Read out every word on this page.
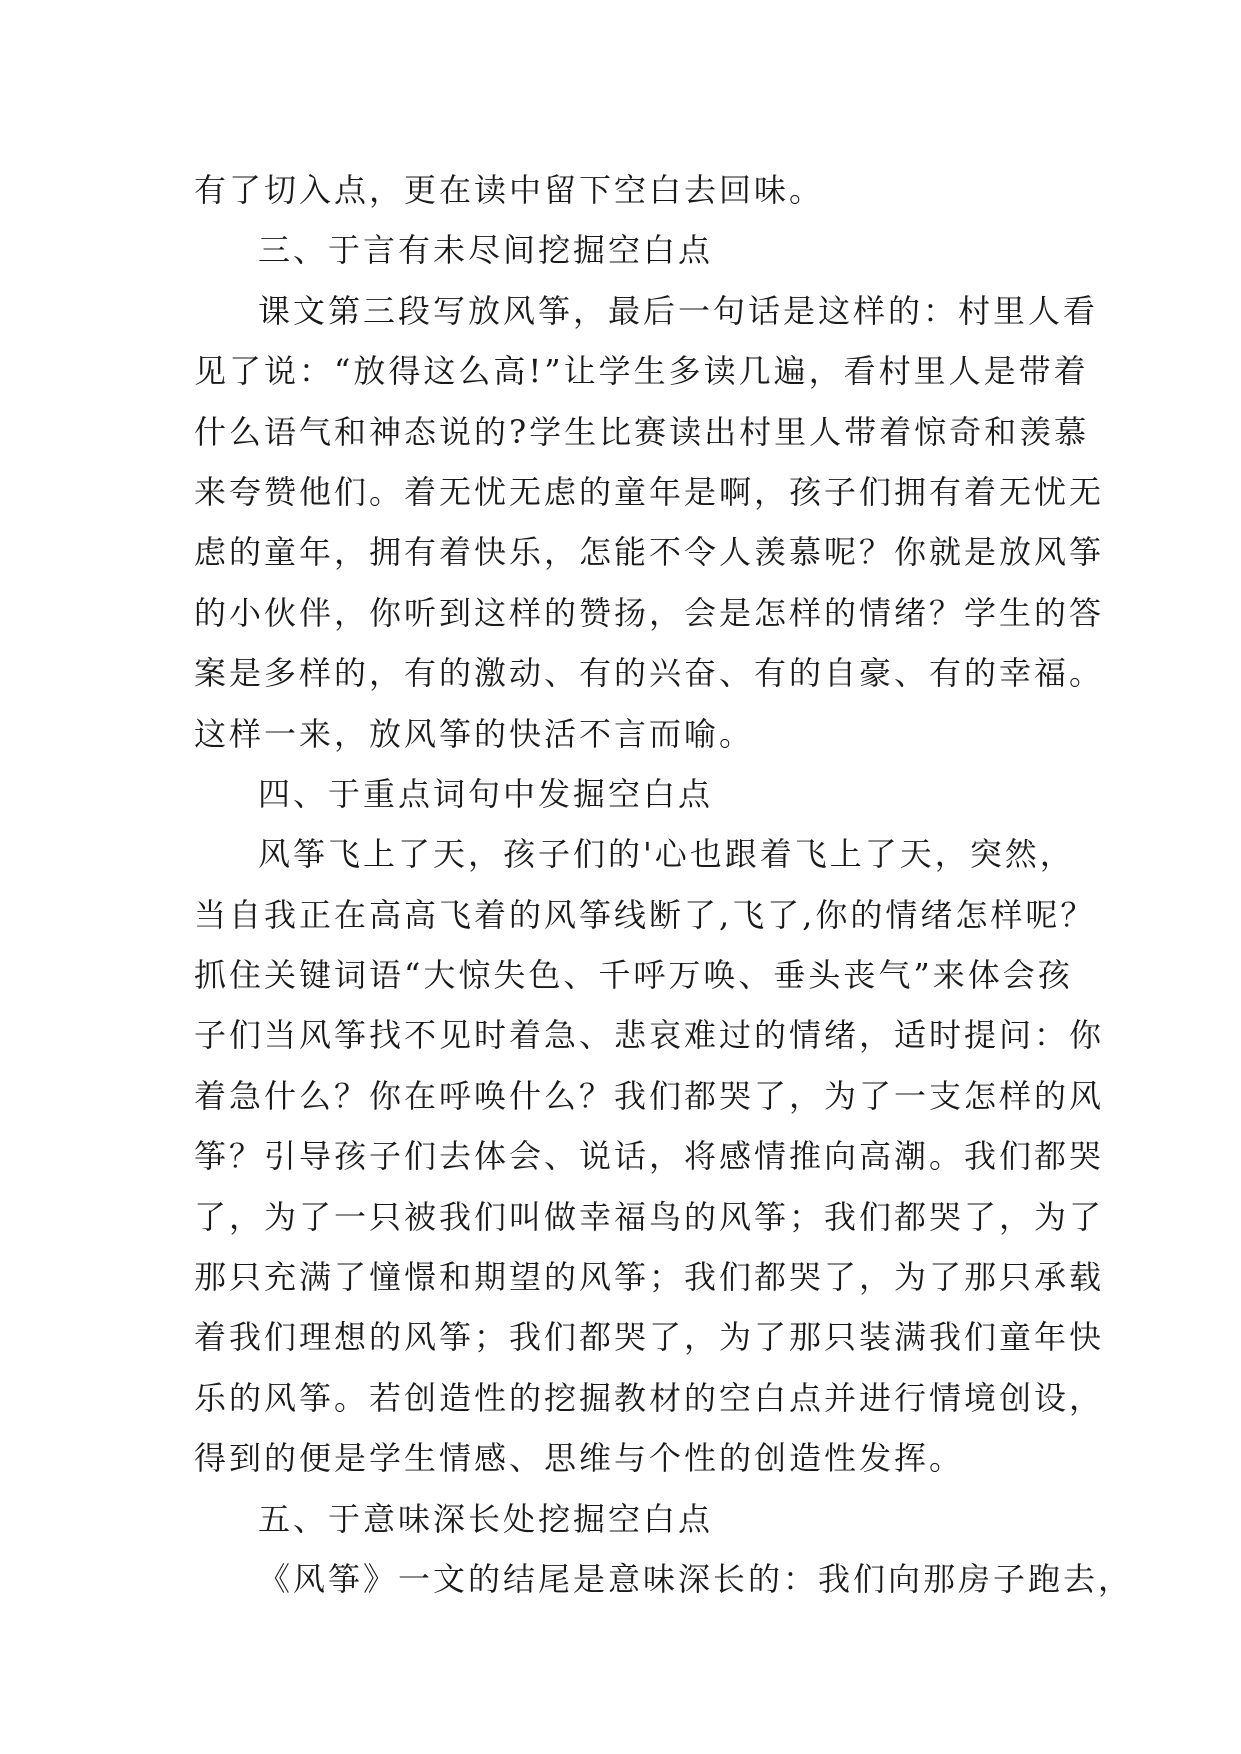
有了切入点，更在读中留下空白去回味。
三、于言有未尽间挖掘空白点
课文第三段写放风筝，最后一句话是这样的：村里人看
见了说：“放得这么高!”让学生多读几遍，看村里人是带着
什么语气和神态说的?学生比赛读出村里人带着惊奇和羡慕
来夸赞他们。着无忧无虑的童年是啊，孩子们拥有着无忧无
虑的童年，拥有着快乐，怎能不令人羡慕呢？你就是放风筝
的小伙伴，你听到这样的赞扬，会是怎样的情绪？学生的答
案是多样的，有的激动、有的兴奋、有的自豪、有的幸福。
这样一来，放风筝的快活不言而喻。
四、于重点词句中发掘空白点
风筝飞上了天，孩子们的'心也跟着飞上了天，突然，
当自我正在高高飞着的风筝线断了,飞了,你的情绪怎样呢？
抓住关键词语“大惊失色、千呼万唤、垂头丧气”来体会孩
子们当风筝找不见时着急、悲哀难过的情绪，适时提问：你
着急什么？你在呼唤什么？我们都哭了，为了一支怎样的风
筝？引导孩子们去体会、说话，将感情推向高潮。我们都哭
了，为了一只被我们叫做幸福鸟的风筝；我们都哭了，为了
那只充满了憧憬和期望的风筝；我们都哭了，为了那只承载
着我们理想的风筝；我们都哭了，为了那只装满我们童年快
乐的风筝。若创造性的挖掘教材的空白点并进行情境创设，
得到的便是学生情感、思维与个性的创造性发挥。
五、于意味深长处挖掘空白点
《风筝》一文的结尾是意味深长的：我们向那房子跑去，
